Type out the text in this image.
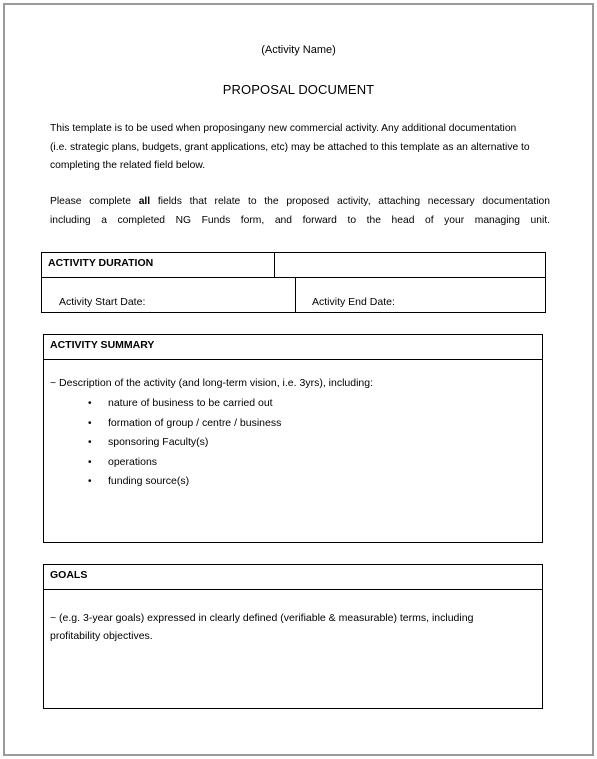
(Activity Name)
PROPOSAL DOCUMENT
This template is to be used when proposingany new commercial activity. Any additional documentation
(i.e. strategic plans, budgets, grant applications, etc) may be attached to this template as an alternative to
completing the related field below.
Please complete all fields that relate to the proposed activity, attaching necessary documentation
including a completed NG Funds form, and forward to the head of your managing unit.
ACTIVITY DURATION
Activity Start Date:	Activity End Date:
ACTIVITY SUMMARY
~ Description of the activity (and long-term vision, i.e. 3yrs), including:
• nature of business to be carried out
• formation of group / centre / business
• sponsoring Faculty(s)
• operations
• funding source(s)
GOALS
~ (e.g. 3-year goals) expressed in clearly defined (verifiable & measurable) terms, including
profitability objectives.
